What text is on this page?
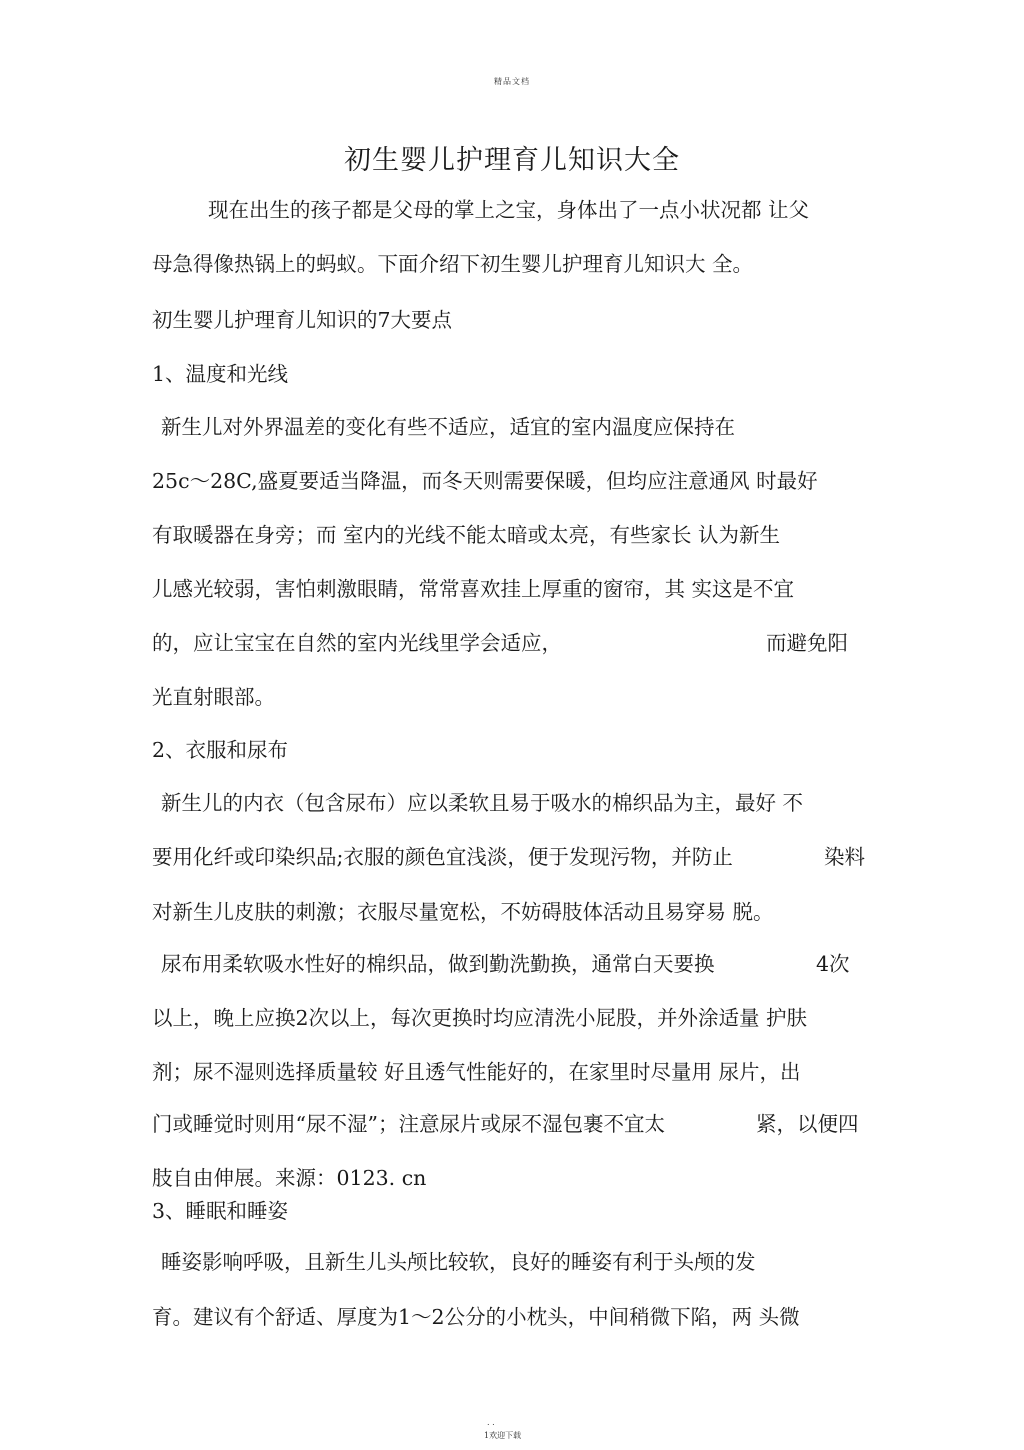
精品文档
初生婴儿护理育儿知识大全
现在出生的孩子都是父母的掌上之宝，身体出了一点小状况都 让父
母急得像热锅上的蚂蚁。下面介绍下初生婴儿护理育儿知识大 全。
初生婴儿护理育儿知识的7大要点
1、温度和光线
新生儿对外界温差的变化有些不适应，适宜的室内温度应保持在
25c〜28C,盛夏要适当降温，而冬天则需要保暖，但均应注意通风 时最好
有取暖器在身旁；而 室内的光线不能太暗或太亮，有些家长 认为新生
儿感光较弱，害怕刺激眼睛，常常喜欢挂上厚重的窗帘，其 实这是不宜
的，应让宝宝在自然的室内光线里学会适应，	而避免阳
光直射眼部。
2、衣服和尿布
新生儿的内衣（包含尿布）应以柔软且易于吸水的棉织品为主，最好 不
要用化纤或印染织品;衣服的颜色宜浅淡，便于发现污物，并防止	染料
对新生儿皮肤的刺激；衣服尽量宽松，不妨碍肢体活动且易穿易 脱。
尿布用柔软吸水性好的棉织品，做到勤洗勤换，通常白天要换	4次
以上，晚上应换2次以上，每次更换时均应清洗小屁股，并外涂适量 护肤
剂；尿不湿则选择质量较 好且透气性能好的，在家里时尽量用 尿片，出
门或睡觉时则用“尿不湿”；注意尿片或尿不湿包裹不宜太	紧，以便四
肢自由伸展。来源：0123. cn
3、睡眠和睡姿
睡姿影响呼吸，且新生儿头颅比较软，良好的睡姿有利于头颅的发
育。建议有个舒适、厚度为1〜2公分的小枕头，中间稍微下陷，两 头微
. .
1欢迎下载
